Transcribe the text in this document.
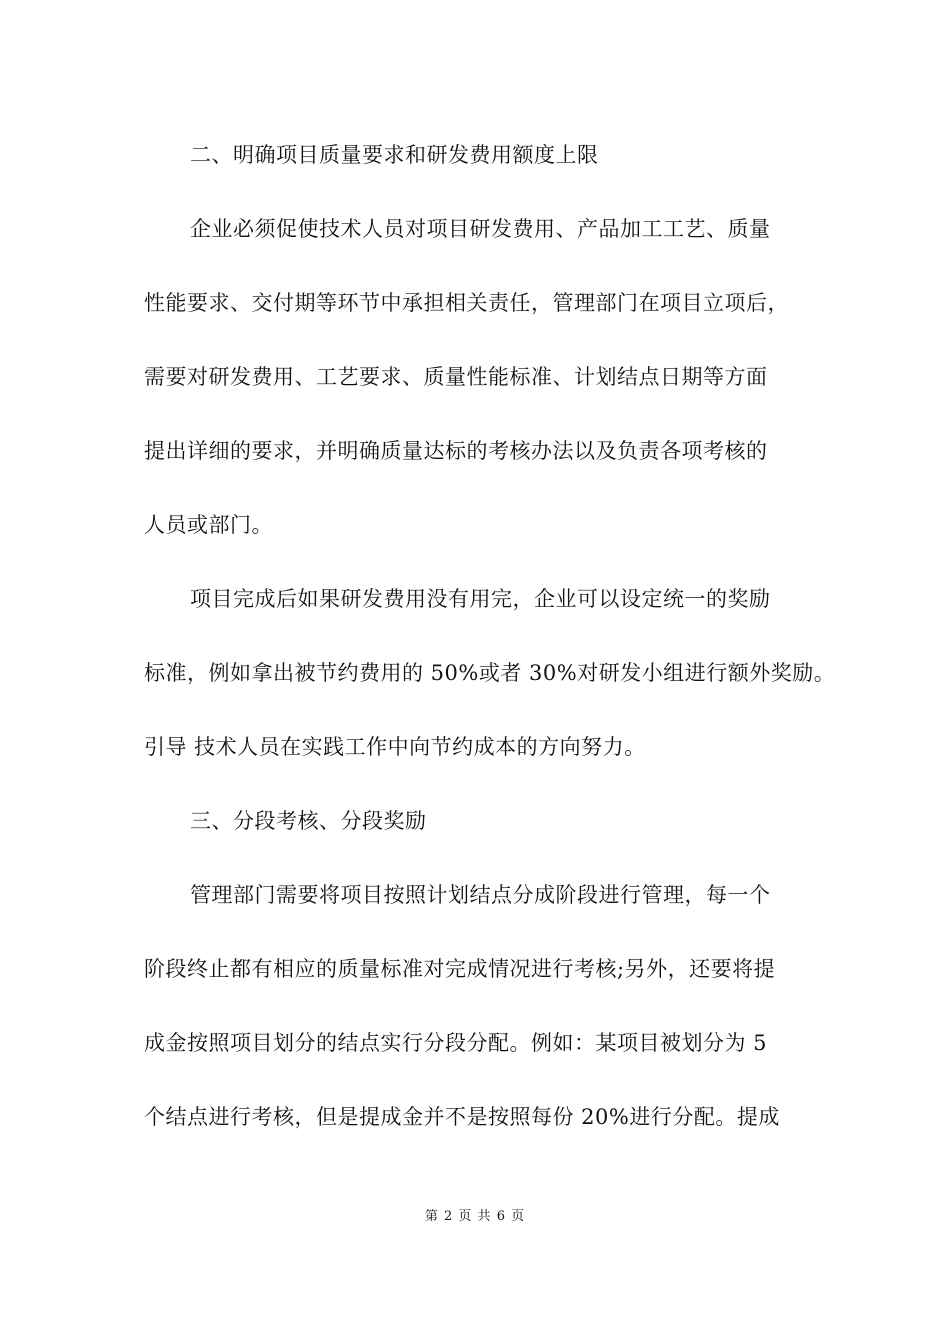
二、明确项目质量要求和研发费用额度上限
企业必须促使技术人员对项目研发费用、产品加工工艺、质量
性能要求、交付期等环节中承担相关责任，管理部门在项目立项后，
需要对研发费用、工艺要求、质量性能标准、计划结点日期等方面
提出详细的要求，并明确质量达标的考核办法以及负责各项考核的
人员或部门。
项目完成后如果研发费用没有用完，企业可以设定统一的奖励
标准，例如拿出被节约费用的 50%或者 30%对研发小组进行额外奖励。
引导 技术人员在实践工作中向节约成本的方向努力。
三、分段考核、分段奖励
管理部门需要将项目按照计划结点分成阶段进行管理，每一个
阶段终止都有相应的质量标准对完成情况进行考核;另外，还要将提
成金按照项目划分的结点实行分段分配。例如：某项目被划分为 5
个结点进行考核，但是提成金并不是按照每份 20%进行分配。提成
第 2 页 共 6 页
